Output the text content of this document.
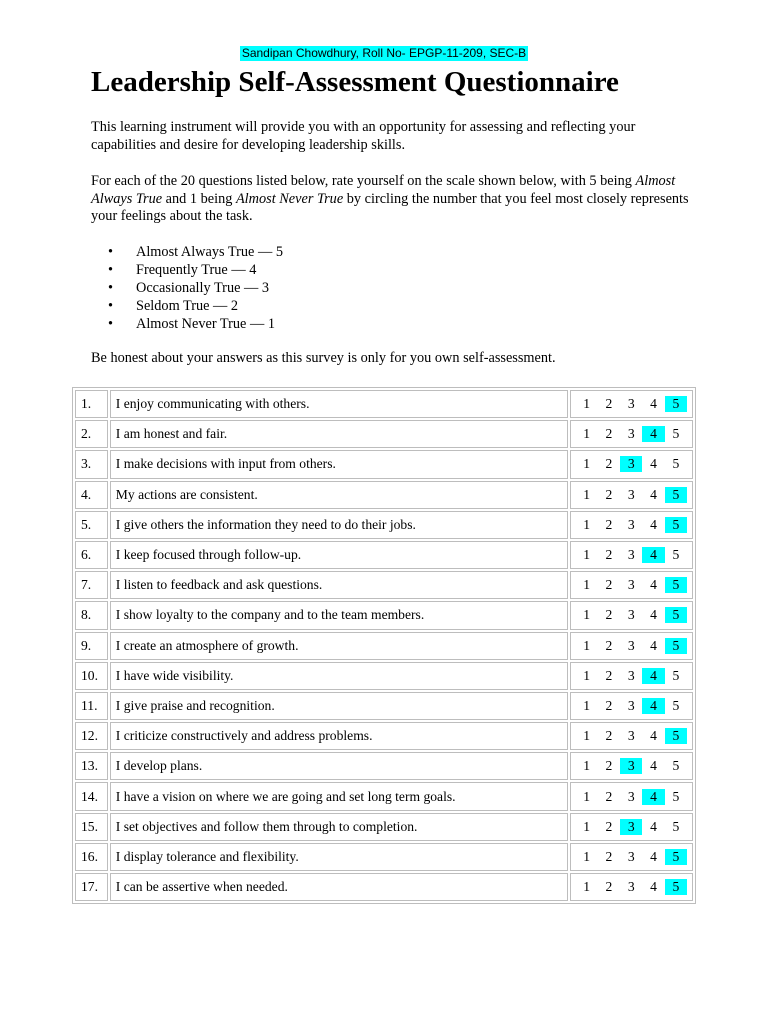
Sandipan Chowdhury, Roll No- EPGP-11-209, SEC-B
Leadership Self-Assessment Questionnaire

This learning instrument will provide you with an opportunity for assessing and reflecting your capabilities and desire for developing leadership skills.

For each of the 20 questions listed below, rate yourself on the scale shown below, with 5 being Almost Always True and 1 being Almost Never True by circling the number that you feel most closely represents your feelings about the task.

• Almost Always True — 5
• Frequently True — 4
• Occasionally True — 3
• Seldom True — 2
• Almost Never True — 1

Be honest about your answers as this survey is only for you own self-assessment.

1.	I enjoy communicating with others.	1 2 3 4 5
2.	I am honest and fair.	1 2 3 4 5
3.	I make decisions with input from others.	1 2 3 4 5
4.	My actions are consistent.	1 2 3 4 5
5.	I give others the information they need to do their jobs.	1 2 3 4 5
6.	I keep focused through follow-up.	1 2 3 4 5
7.	I listen to feedback and ask questions.	1 2 3 4 5
8.	I show loyalty to the company and to the team members.	1 2 3 4 5
9.	I create an atmosphere of growth.	1 2 3 4 5
10.	I have wide visibility.	1 2 3 4 5
11.	I give praise and recognition.	1 2 3 4 5
12.	I criticize constructively and address problems.	1 2 3 4 5
13.	I develop plans.	1 2 3 4 5
14.	I have a vision on where we are going and set long term goals.	1 2 3 4 5
15.	I set objectives and follow them through to completion.	1 2 3 4 5
16.	I display tolerance and flexibility.	1 2 3 4 5
17.	I can be assertive when needed.	1 2 3 4 5
